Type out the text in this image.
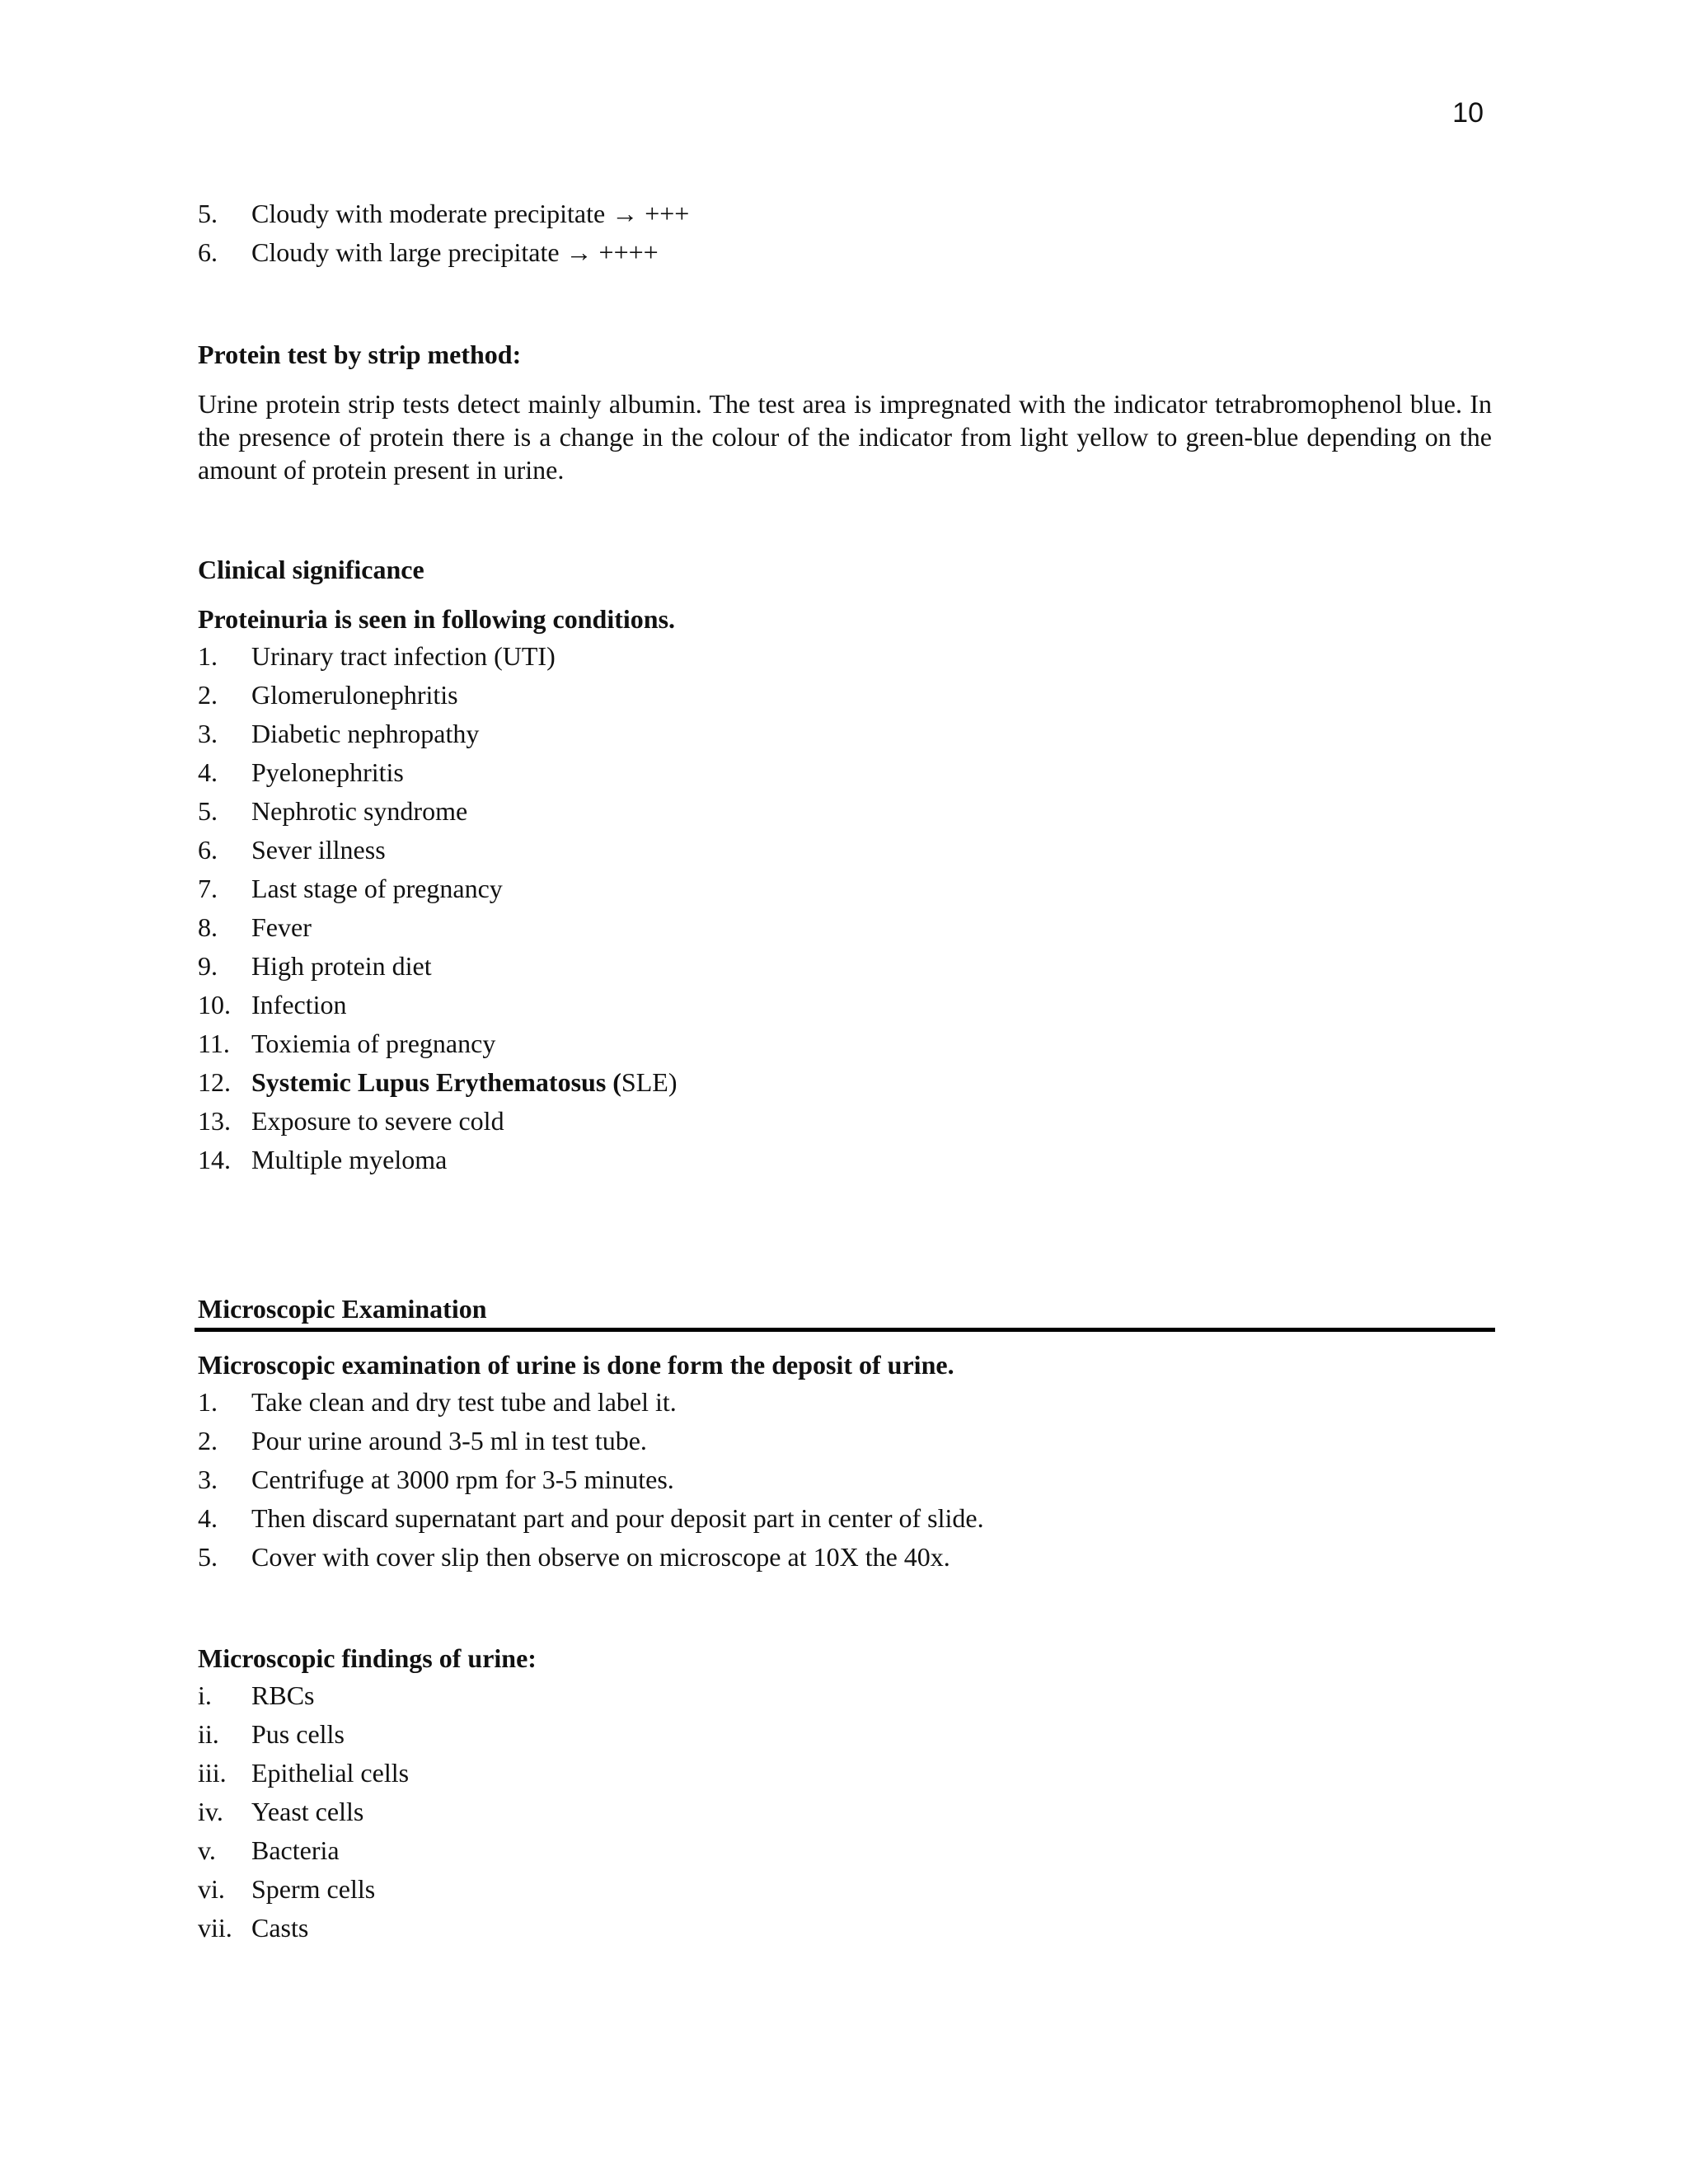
10
5.	Cloudy with moderate precipitate → +++
6.	Cloudy with large precipitate → ++++

Protein test by strip method:

Urine protein strip tests detect mainly albumin. The test area is impregnated with the indicator tetrabromophenol blue. In the presence of protein there is a change in the colour of the indicator from light yellow to green-blue depending on the amount of protein present in urine.

Clinical significance

Proteinuria is seen in following conditions.

1.	Urinary tract infection (UTI)
2.	Glomerulonephritis
3.	Diabetic nephropathy
4.	Pyelonephritis
5.	Nephrotic syndrome
6.	Sever illness
7.	Last stage of pregnancy
8.	Fever
9.	High protein diet
10. Infection
11. Toxiemia of pregnancy
12. Systemic Lupus Erythematosus (SLE)
13. Exposure to severe cold
14. Multiple myeloma

Microscopic Examination

Microscopic examination of urine is done form the deposit of urine.

1.	Take clean and dry test tube and label it.
2.	Pour urine around 3-5 ml in test tube.
3.	Centrifuge at 3000 rpm for 3-5 minutes.
4.	Then discard supernatant part and pour deposit part in center of slide.
5.	Cover with cover slip then observe on microscope at 10X the 40x.

Microscopic findings of urine:

i.	RBCs
ii.	Pus cells
iii. Epithelial cells
iv.	Yeast cells
v.	Bacteria
vi.	Sperm cells
vii. Casts
